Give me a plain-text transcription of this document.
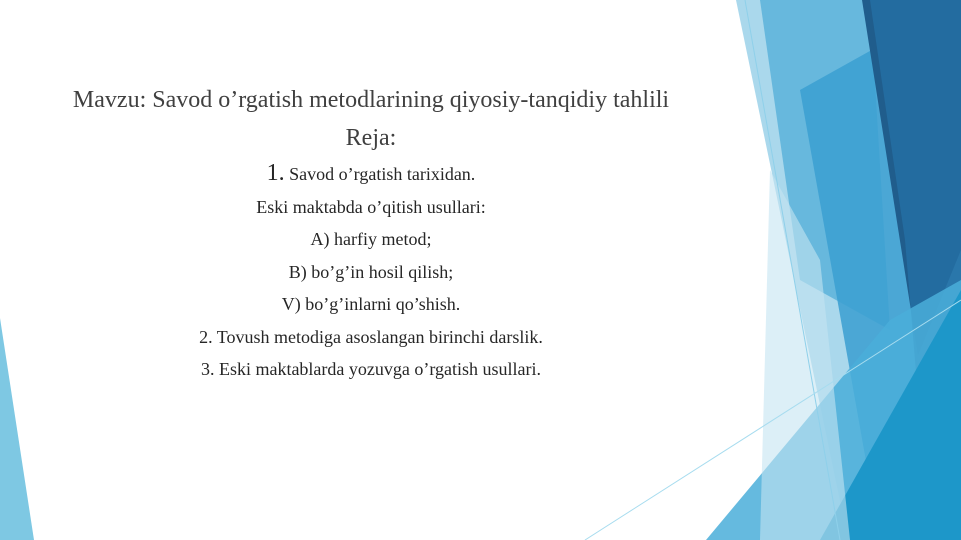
Mavzu: Savod o’rgatish metodlarining qiyosiy-tanqidiy tahlili
Reja:
1. Savod o’rgatish tarixidan.
Eski maktabda o’qitish usullari:
A) harfiy metod;
B) bo’g’in hosil qilish;
V) bo’g’inlarni qo’shish.
2. Tovush metodiga asoslangan birinchi darslik.
3. Eski maktablarda yozuvga o’rgatish usullari.
